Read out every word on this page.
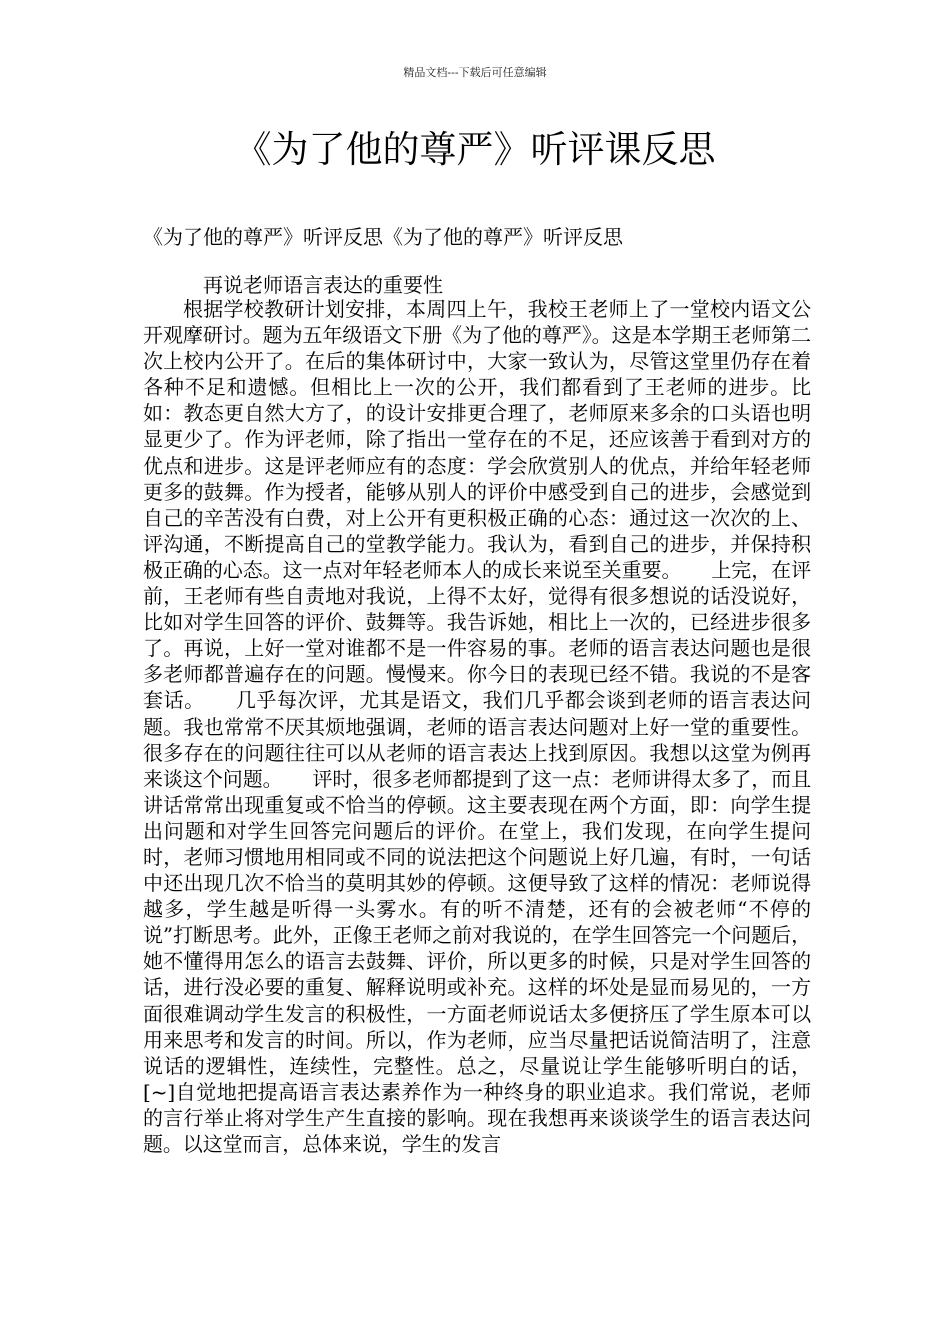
精品文档---下载后可任意编辑
《为了他的尊严》听评课反思

《为了他的尊严》听评反思《为了他的尊严》听评反思

再说老师语言表达的重要性

根据学校教研计划安排，本周四上午，我校王老师上了一堂校内语文公开观摩研讨。题为五年级语文下册《为了他的尊严》。这是本学期王老师第二次上校内公开了。在后的集体研讨中，大家一致认为，尽管这堂里仍存在着各种不足和遗憾。但相比上一次的公开，我们都看到了王老师的进步。比如：教态更自然大方了，的设计安排更合理了，老师原来多余的口头语也明显更少了。作为评老师，除了指出一堂存在的不足，还应该善于看到对方的优点和进步。这是评老师应有的态度：学会欣赏别人的优点，并给年轻老师更多的鼓舞。作为授者，能够从别人的评价中感受到自己的进步，会感觉到自己的辛苦没有白费，对上公开有更积极正确的心态：通过这一次次的上、评沟通，不断提高自己的堂教学能力。我认为，看到自己的进步，并保持积极正确的心态。这一点对年轻老师本人的成长来说至关重要。　　上完，在评前，王老师有些自责地对我说，上得不太好，觉得有很多想说的话没说好，比如对学生回答的评价、鼓舞等。我告诉她，相比上一次的，已经进步很多了。再说，上好一堂对谁都不是一件容易的事。老师的语言表达问题也是很多老师都普遍存在的问题。慢慢来。你今日的表现已经不错。我说的不是客套话。　　几乎每次评，尤其是语文，我们几乎都会谈到老师的语言表达问题。我也常常不厌其烦地强调，老师的语言表达问题对上好一堂的重要性。很多存在的问题往往可以从老师的语言表达上找到原因。我想以这堂为例再来谈这个问题。　　评时，很多老师都提到了这一点：老师讲得太多了，而且讲话常常出现重复或不恰当的停顿。这主要表现在两个方面，即：向学生提出问题和对学生回答完问题后的评价。在堂上，我们发现，在向学生提问时，老师习惯地用相同或不同的说法把这个问题说上好几遍，有时，一句话中还出现几次不恰当的莫明其妙的停顿。这便导致了这样的情况：老师说得越多，学生越是听得一头雾水。有的听不清楚，还有的会被老师“不停的说”打断思考。此外，正像王老师之前对我说的，在学生回答完一个问题后，她不懂得用怎么的语言去鼓舞、评价，所以更多的时候，只是对学生回答的话，进行没必要的重复、解释说明或补充。这样的坏处是显而易见的，一方面很难调动学生发言的积极性，一方面老师说话太多便挤压了学生原本可以用来思考和发言的时间。所以，作为老师，应当尽量把话说简洁明了，注意说话的逻辑性，连续性，完整性。总之，尽量说让学生能够听明白的话，[~]自觉地把提高语言表达素养作为一种终身的职业追求。我们常说，老师的言行举止将对学生产生直接的影响。现在我想再来谈谈学生的语言表达问题。以这堂而言，总体来说，学生的发言
